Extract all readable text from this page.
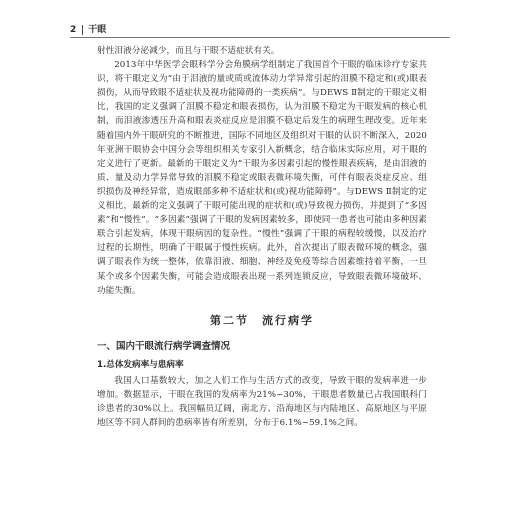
2 干眼

射性泪液分泌减少，而且与干眼不适症状有关。

2013年中华医学会眼科学分会角膜病学组制定了我国首个干眼的临床诊疗专家共识，将干眼定义为“由于泪液的量或质或流体动力学异常引起的泪膜不稳定和(或)眼表损伤，从而导致眼不适症状及视功能障碍的一类疾病”。与DEWS Ⅱ制定的干眼定义相比，我国的定义强调了泪膜不稳定和眼表损伤，认为泪膜不稳定为干眼发病的核心机制，而泪液渗透压升高和眼表炎症反应是泪膜不稳定后发生的病理生理改变。近年来随着国内外干眼研究的不断推进，国际不同地区及组织对干眼的认识不断深入，2020年亚洲干眼协会中国分会等组织相关专家引入新概念，结合临床实际应用，对干眼的定义进行了更新。最新的干眼定义为“干眼为多因素引起的慢性眼表疾病，是由泪液的质、量及动力学异常导致的泪膜不稳定或眼表微环境失衡，可伴有眼表炎症反应、组织损伤及神经异常，造成眼部多种不适症状和(或)视功能障碍”。与DEWS Ⅱ制定的定义相比，最新的定义强调了干眼可能出现的症状和(或)导致视力损伤，并提到了“多因素”和“慢性”。“多因素”强调了干眼的发病因素较多，即使同一患者也可能由多种因素联合引起发病，体现干眼病因的复杂性。“慢性”强调了干眼的病程较缓慢，以及治疗过程的长期性，明确了干眼属于慢性疾病。此外，首次提出了眼表微环境的概念，强调了眼表作为统一整体，依靠泪液、细胞、神经及免疫等综合因素维持着平衡，一旦某个或多个因素失衡，可能会造成眼表出现一系列连锁反应，导致眼表微环境破坏、功能失衡。

第二节　流行病学
一、国内干眼流行病学调查情况
1.总体发病率与患病率

我国人口基数较大，加之人们工作与生活方式的改变，导致干眼的发病率进一步增加。数据显示，干眼在我国的发病率为21%~30%，干眼患者数量已占我国眼科门诊患者的30%以上。我国幅员辽阔，南北方、沿海地区与内陆地区、高原地区与平原地区等不同人群间的患病率皆有所差别，分布于6.1%~59.1%之间。
